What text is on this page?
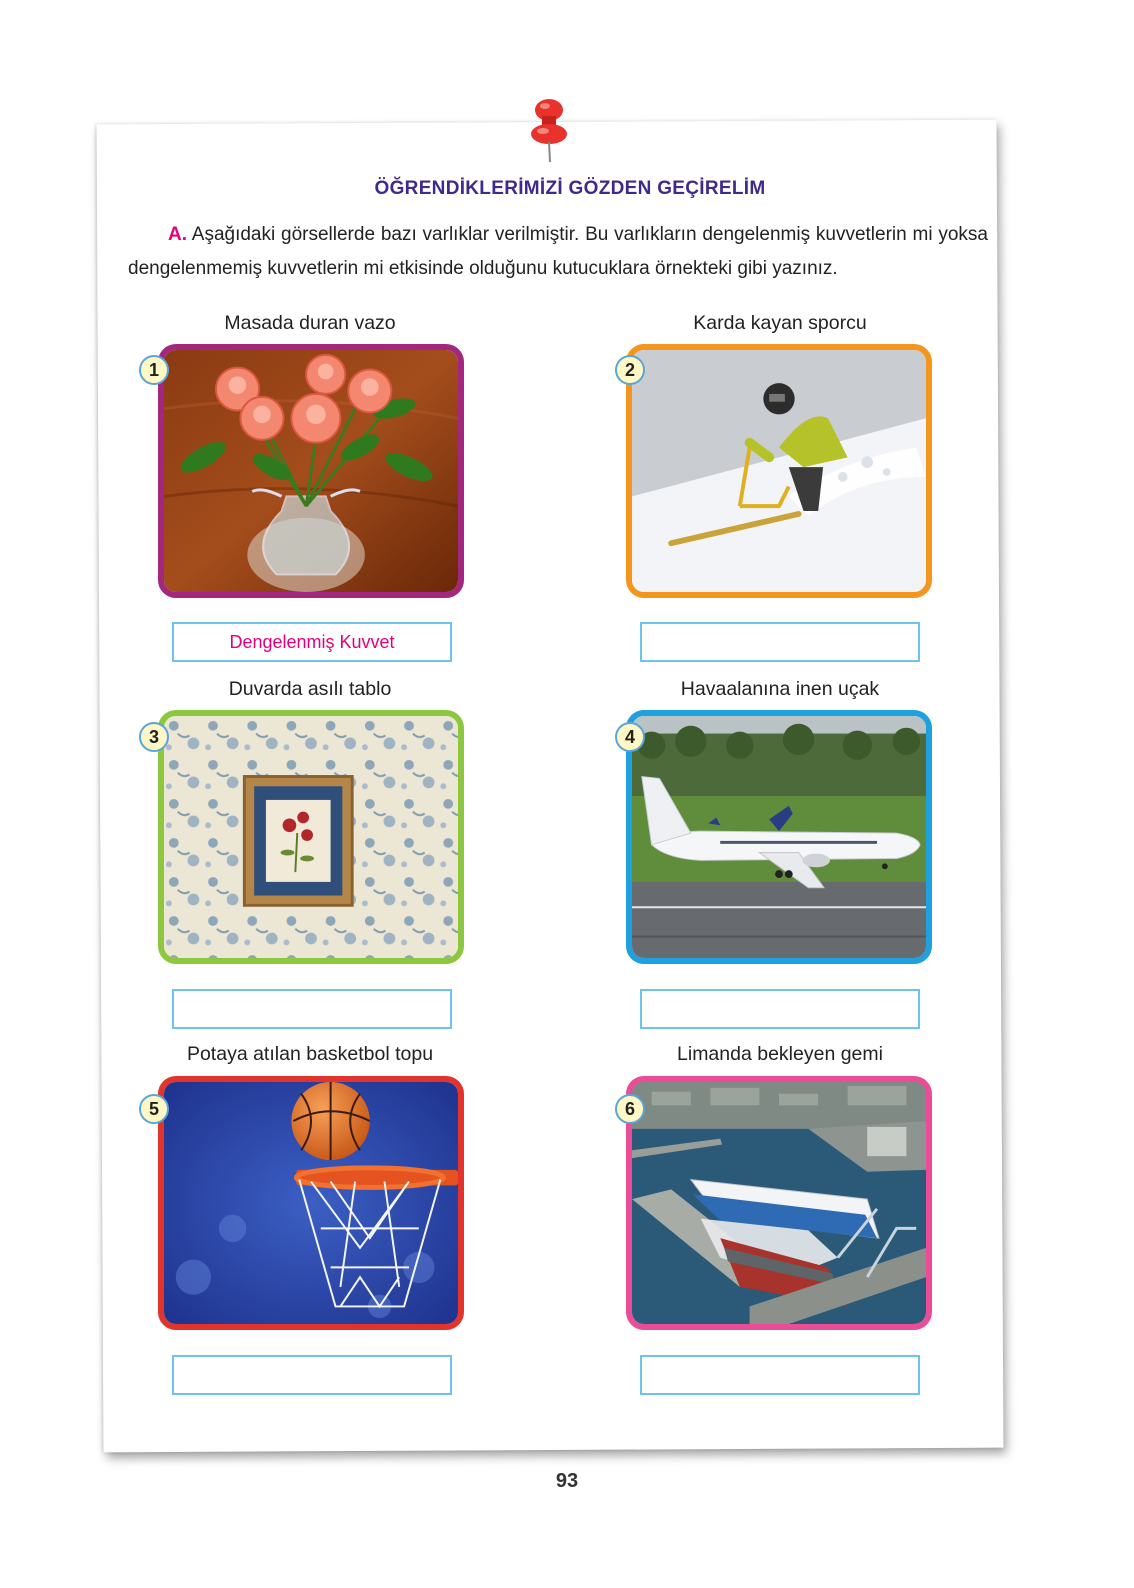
ÖĞRENDİKLERİMİZİ GÖZDEN GEÇİRELİM
A. Aşağıdaki görsellerde bazı varlıklar verilmiştir. Bu varlıkların dengelenmiş kuvvetlerin mi yoksa dengelenmemiş kuvvetlerin mi etkisinde olduğunu kutucuklara örnekteki gibi yazınız.
Masada duran vazo
1
Dengelenmiş Kuvvet
Karda kayan sporcu
2
Duvarda asılı tablo
3
Havaalanına inen uçak
4
Potaya atılan basketbol topu
5
Limanda bekleyen gemi
6
93
